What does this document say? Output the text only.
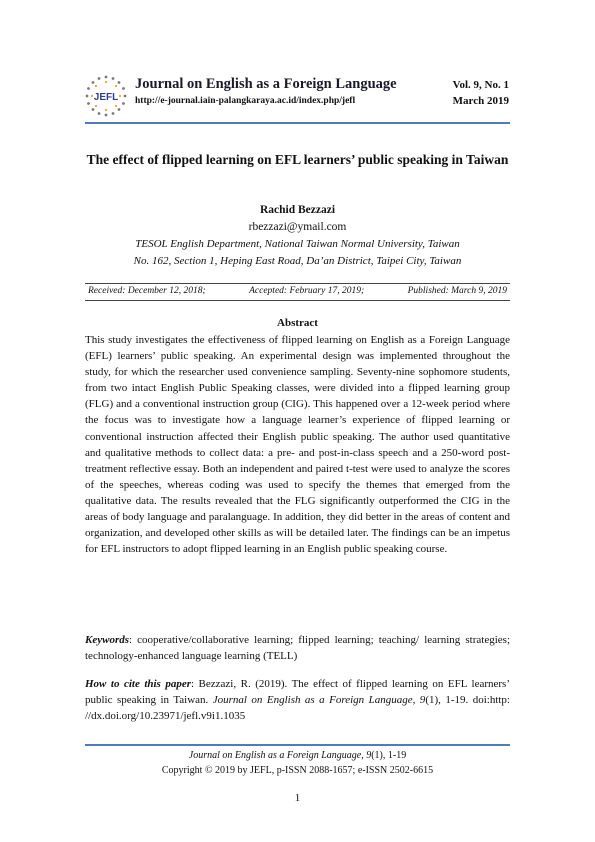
JEFL
Journal on English as a Foreign Language
http://e-journal.iain-palangkaraya.ac.id/index.php/jefl
Vol. 9, No. 1
March 2019
The effect of flipped learning on EFL learners’ public speaking in Taiwan
Rachid Bezzazi
rbezzazi@ymail.com
TESOL English Department, National Taiwan Normal University, Taiwan
No. 162, Section 1, Heping East Road, Da’an District, Taipei City, Taiwan
Received: December 12, 2018;	Accepted: February 17, 2019;	Published: March 9, 2019
Abstract

This study investigates the effectiveness of flipped learning on English as a Foreign Language (EFL) learners’ public speaking. An experimental design was implemented throughout the study, for which the researcher used convenience sampling. Seventy-nine sophomore students, from two intact English Public Speaking classes, were divided into a flipped learning group (FLG) and a conventional instruction group (CIG). This happened over a 12-week period where the focus was to investigate how a language learner’s experience of flipped learning or conventional instruction affected their English public speaking. The author used quantitative and qualitative methods to collect data: a pre- and post-in-class speech and a 250-word post-treatment reflective essay. Both an independent and paired t-test were used to analyze the scores of the speeches, whereas coding was used to specify the themes that emerged from the qualitative data. The results revealed that the FLG significantly outperformed the CIG in the areas of body language and paralanguage. In addition, they did better in the areas of content and organization, and developed other skills as will be detailed later. The findings can be an impetus for EFL instructors to adopt flipped learning in an English public speaking course.

Keywords: cooperative/collaborative learning; flipped learning; teaching/ learning strategies; technology-enhanced language learning (TELL)

How to cite this paper: Bezzazi, R. (2019). The effect of flipped learning on EFL learners’ public speaking in Taiwan. Journal on English as a Foreign Language, 9(1), 1-19. doi:http: //dx.doi.org/10.23971/jefl.v9i1.1035

Journal on English as a Foreign Language, 9(1), 1-19
Copyright © 2019 by JEFL, p-ISSN 2088-1657; e-ISSN 2502-6615
1
